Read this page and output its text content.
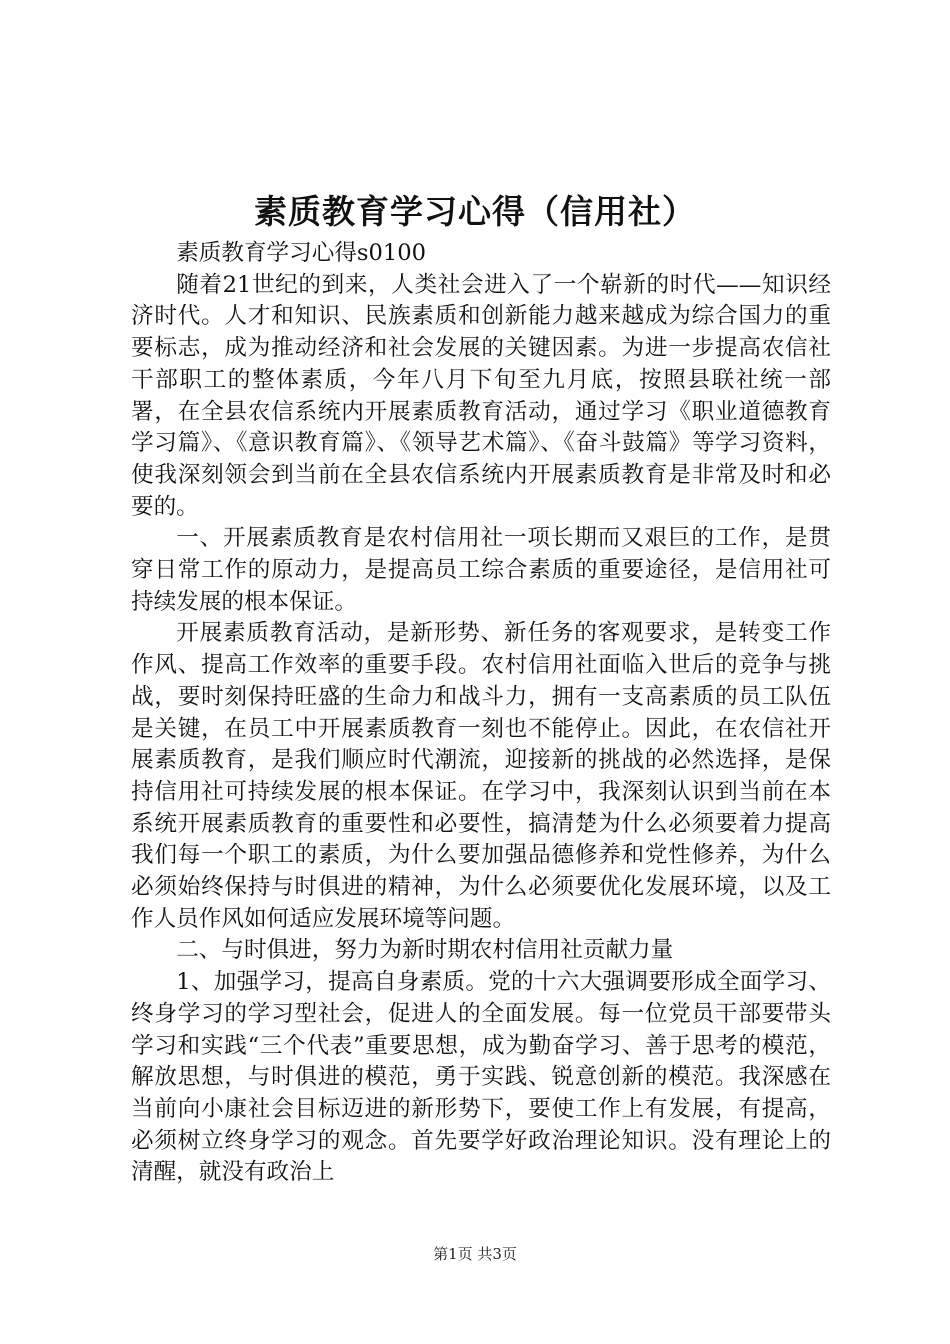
素质教育学习心得（信用社）

素质教育学习心得s0100

随着21世纪的到来，人类社会进入了一个崭新的时代——知识经济时代。人才和知识、民族素质和创新能力越来越成为综合国力的重要标志，成为推动经济和社会发展的关键因素。为进一步提高农信社干部职工的整体素质，今年八月下旬至九月底，按照县联社统一部署，在全县农信系统内开展素质教育活动，通过学习《职业道德教育学习篇》、《意识教育篇》、《领导艺术篇》、《奋斗鼓篇》等学习资料，使我深刻领会到当前在全县农信系统内开展素质教育是非常及时和必要的。

一、开展素质教育是农村信用社一项长期而又艰巨的工作，是贯穿日常工作的原动力，是提高员工综合素质的重要途径，是信用社可持续发展的根本保证。

开展素质教育活动，是新形势、新任务的客观要求，是转变工作作风、提高工作效率的重要手段。农村信用社面临入世后的竞争与挑战，要时刻保持旺盛的生命力和战斗力，拥有一支高素质的员工队伍是关键，在员工中开展素质教育一刻也不能停止。因此，在农信社开展素质教育，是我们顺应时代潮流，迎接新的挑战的必然选择，是保持信用社可持续发展的根本保证。在学习中，我深刻认识到当前在本系统开展素质教育的重要性和必要性，搞清楚为什么必须要着力提高我们每一个职工的素质，为什么要加强品德修养和党性修养，为什么必须始终保持与时俱进的精神，为什么必须要优化发展环境，以及工作人员作风如何适应发展环境等问题。

二、与时俱进，努力为新时期农村信用社贡献力量

1、加强学习，提高自身素质。党的十六大强调要形成全面学习、终身学习的学习型社会，促进人的全面发展。每一位党员干部要带头学习和实践“三个代表”重要思想，成为勤奋学习、善于思考的模范，解放思想，与时俱进的模范，勇于实践、锐意创新的模范。我深感在当前向小康社会目标迈进的新形势下，要使工作上有发展，有提高，必须树立终身学习的观念。首先要学好政治理论知识。没有理论上的清醒，就没有政治上

第1页 共3页
